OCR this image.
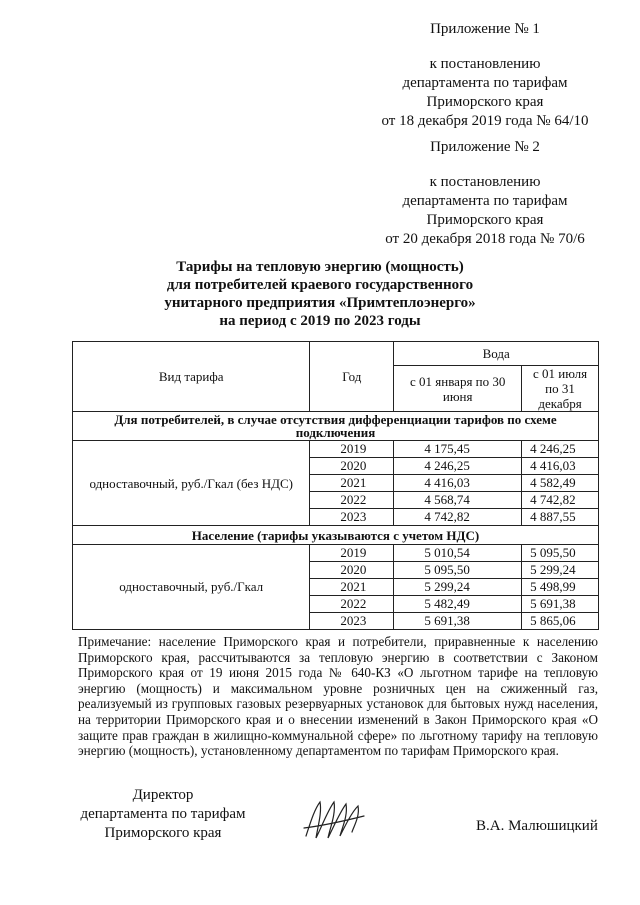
Приложение № 1
к постановлению
департамента по тарифам
Приморского края
от 18 декабря 2019 года № 64/10
Приложение № 2
к постановлению
департамента по тарифам
Приморского края
от 20 декабря 2018 года № 70/6
Тарифы на тепловую энергию (мощность)
для потребителей краевого государственного
унитарного предприятия «Примтеплоэнерго»
на период с 2019 по 2023 годы
Вид тарифа	Год	Вода	
		с 01 января по 30 июня	с 01 июля по 31 декабря
Для потребителей, в случае отсутствия дифференциации тарифов по схеме подключения			
одноставочный, руб./Гкал (без НДС)	2019	4 175,45	4 246,25
	2020	4 246,25	4 416,03
	2021	4 416,03	4 582,49
	2022	4 568,74	4 742,82
	2023	4 742,82	4 887,55
Население (тарифы указываются с учетом НДС)			
одноставочный, руб./Гкал	2019	5 010,54	5 095,50
	2020	5 095,50	5 299,24
	2021	5 299,24	5 498,99
	2022	5 482,49	5 691,38
	2023	5 691,38	5 865,06
Примечание: население Приморского края и потребители, приравненные к населению Приморского края, рассчитываются за тепловую энергию в соответствии с Законом Приморского края от 19 июня 2015 года № 640-КЗ «О льготном тарифе на тепловую энергию (мощность) и максимальном уровне розничных цен на сжиженный газ, реализуемый из групповых газовых резервуарных установок для бытовых нужд населения, на территории Приморского края и о внесении изменений в Закон Приморского края «О защите прав граждан в жилищно-коммунальной сфере» по льготному тарифу на тепловую энергию (мощность), установленному департаментом по тарифам Приморского края.
Директор
департамента по тарифам
Приморского края	В.А. Малюшицкий
